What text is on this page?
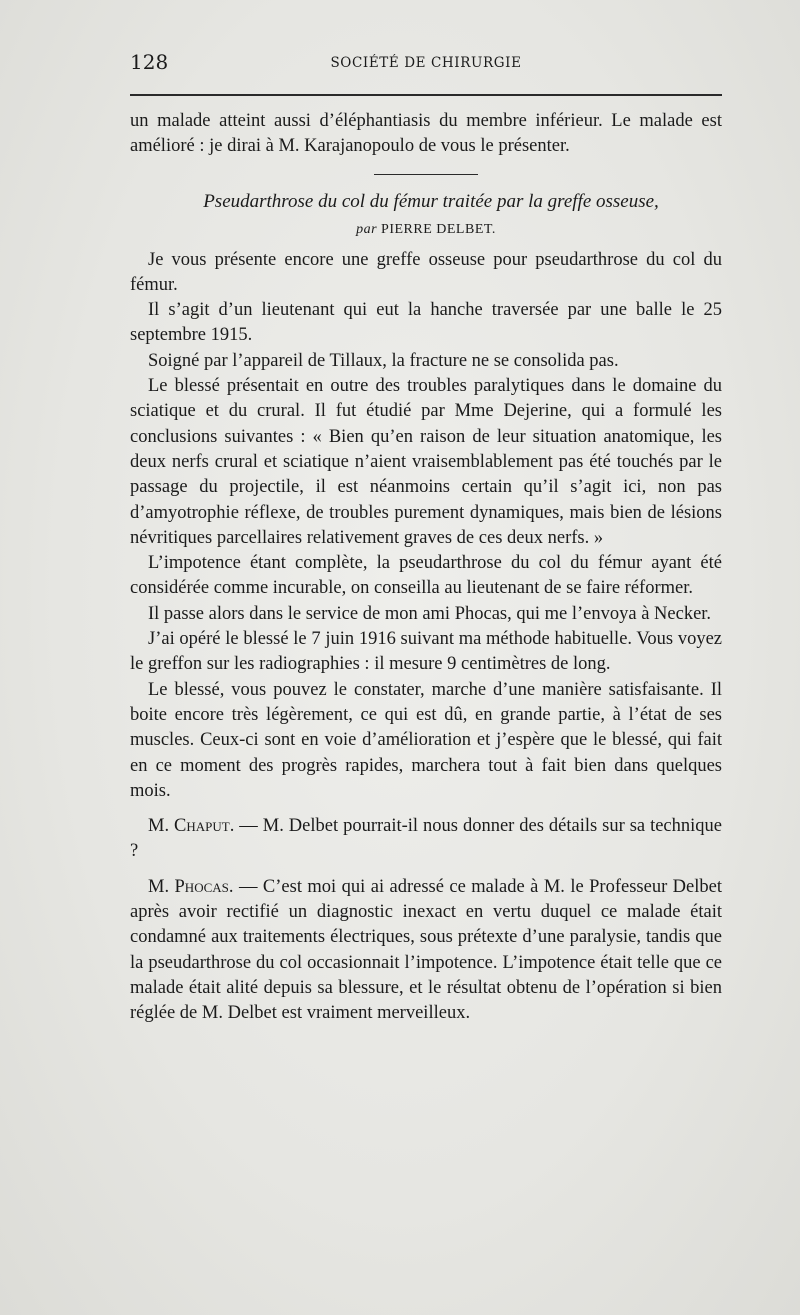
128	SOCIÉTÉ DE CHIRURGIE

un malade atteint aussi d’éléphantiasis du membre inférieur. Le malade est amélioré : je dirai à M. Karajanopoulo de vous le présenter.

Pseudarthrose du col du fémur traitée par la greffe osseuse,

par PIERRE DELBET.

Je vous présente encore une greffe osseuse pour pseudarthrose du col du fémur.

Il s’agit d’un lieutenant qui eut la hanche traversée par une balle le 25 septembre 1915.

Soigné par l’appareil de Tillaux, la fracture ne se consolida pas.

Le blessé présentait en outre des troubles paralytiques dans le domaine du sciatique et du crural. Il fut étudié par Mme Dejerine, qui a formulé les conclusions suivantes : « Bien qu’en raison de leur situation anatomique, les deux nerfs crural et sciatique n’aient vraisemblablement pas été touchés par le passage du projectile, il est néanmoins certain qu’il s’agit ici, non pas d’amyotrophie réflexe, de troubles purement dynamiques, mais bien de lésions névritiques parcellaires relativement graves de ces deux nerfs. »

L’impotence étant complète, la pseudarthrose du col du fémur ayant été considérée comme incurable, on conseilla au lieutenant de se faire réformer.

Il passe alors dans le service de mon ami Phocas, qui me l’envoya à Necker.

J’ai opéré le blessé le 7 juin 1916 suivant ma méthode habituelle. Vous voyez le greffon sur les radiographies : il mesure 9 centimètres de long.

Le blessé, vous pouvez le constater, marche d’une manière satisfaisante. Il boite encore très légèrement, ce qui est dû, en grande partie, à l’état de ses muscles. Ceux-ci sont en voie d’amélioration et j’espère que le blessé, qui fait en ce moment des progrès rapides, marchera tout à fait bien dans quelques mois.

M. Chaput. — M. Delbet pourrait-il nous donner des détails sur sa technique ?

M. Phocas. — C’est moi qui ai adressé ce malade à M. le Professeur Delbet après avoir rectifié un diagnostic inexact en vertu duquel ce malade était condamné aux traitements électriques, sous prétexte d’une paralysie, tandis que la pseudarthrose du col occasionnait l’impotence. L’impotence était telle que ce malade était alité depuis sa blessure, et le résultat obtenu de l’opération si bien réglée de M. Delbet est vraiment merveilleux.
